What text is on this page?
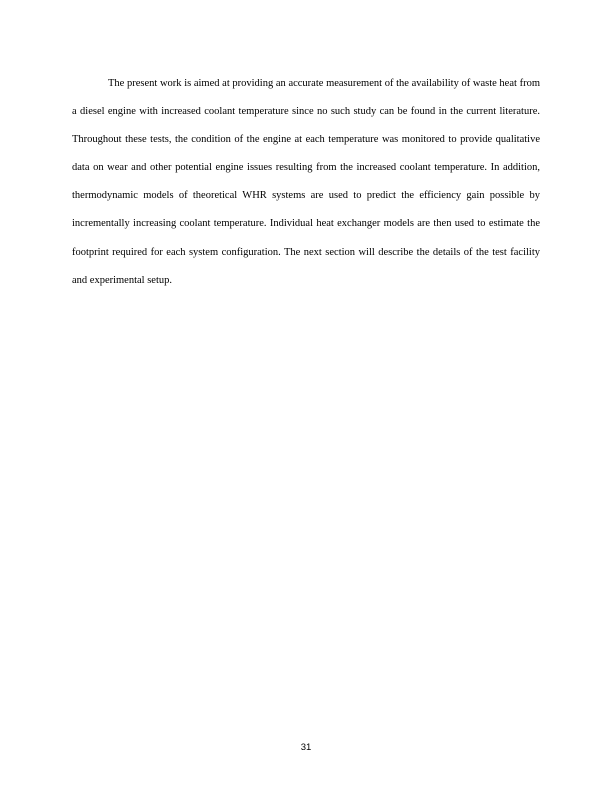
The present work is aimed at providing an accurate measurement of the availability of waste heat from a diesel engine with increased coolant temperature since no such study can be found in the current literature. Throughout these tests, the condition of the engine at each temperature was monitored to provide qualitative data on wear and other potential engine issues resulting from the increased coolant temperature. In addition, thermodynamic models of theoretical WHR systems are used to predict the efficiency gain possible by incrementally increasing coolant temperature. Individual heat exchanger models are then used to estimate the footprint required for each system configuration. The next section will describe the details of the test facility and experimental setup.

31
